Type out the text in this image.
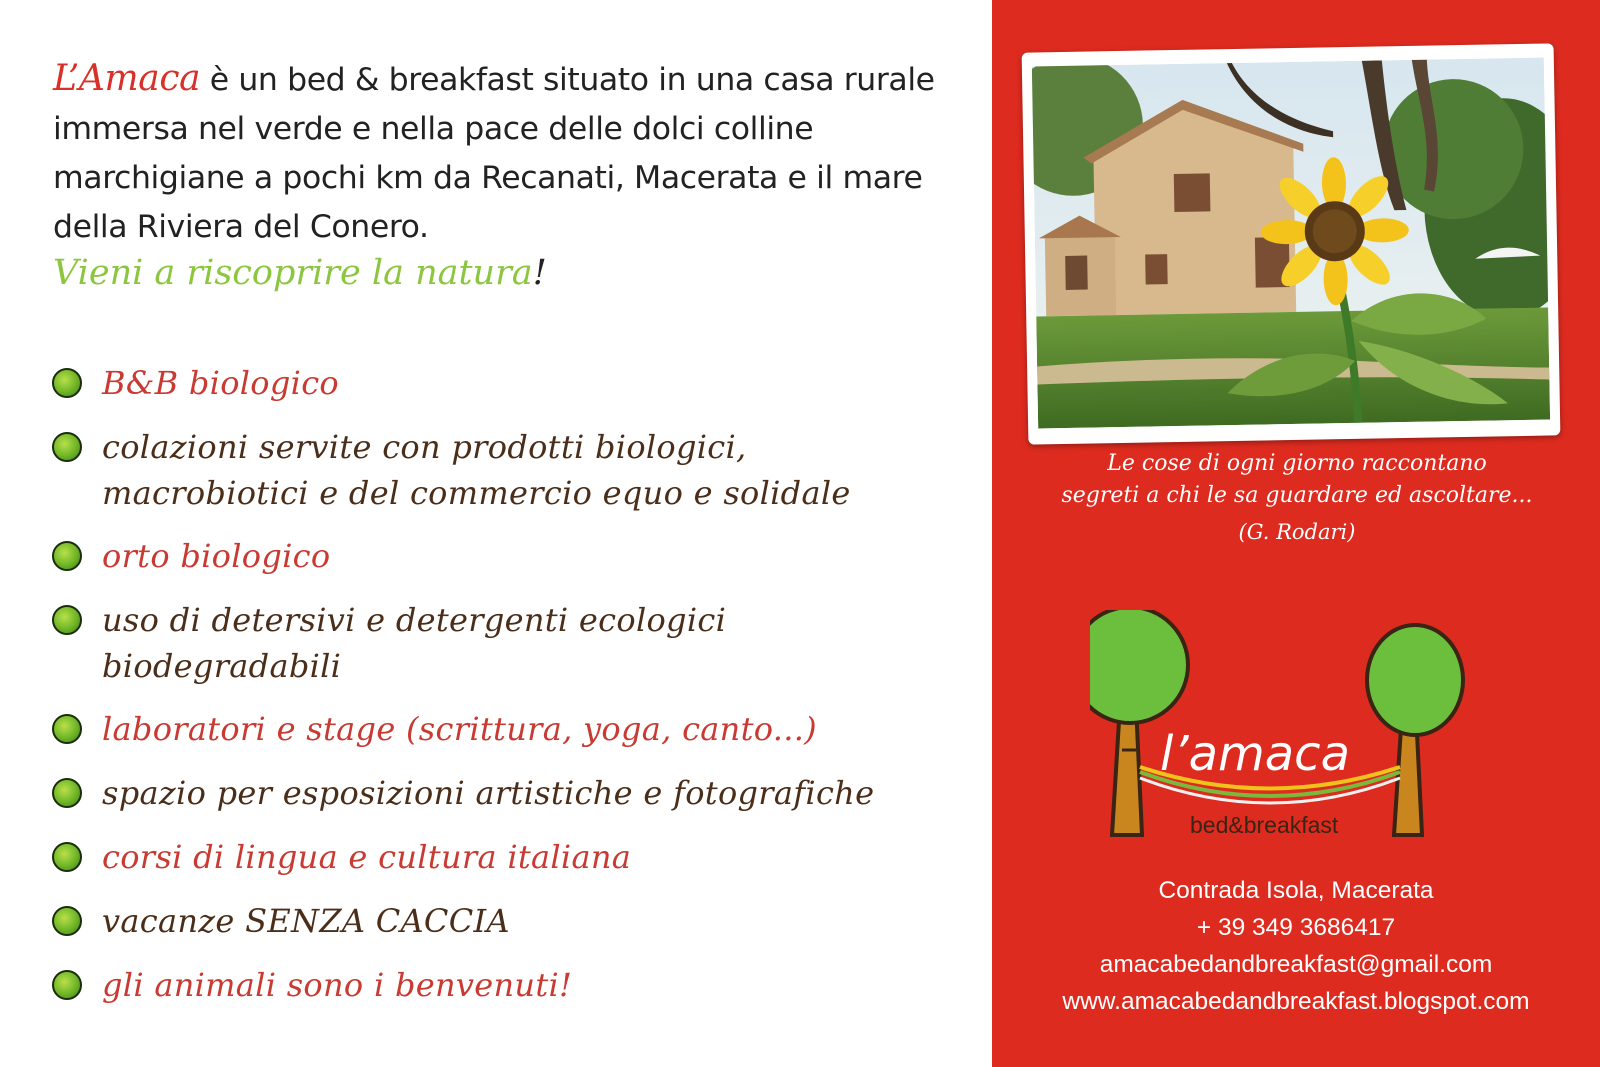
L’Amaca è un bed & breakfast situato in una casa rurale immersa nel verde e nella pace delle dolci colline marchigiane a pochi km da Recanati, Macerata e il mare della Riviera del Conero.

Vieni a riscoprire la natura!
B&B biologico
colazioni servite con prodotti biologici, macrobiotici e del commercio equo e solidale
orto biologico
uso di detersivi e detergenti ecologici biodegradabili
laboratori e stage (scrittura, yoga, canto...)
spazio per esposizioni artistiche e fotografiche
corsi di lingua e cultura italiana
vacanze SENZA CACCIA
gli animali sono i benvenuti!
Le cose di ogni giorno raccontano
segreti a chi le sa guardare ed ascoltare...
(G. Rodari)
l’amaca
bed&breakfast
Contrada Isola, Macerata
+ 39 349 3686417
amacabedandbreakfast@gmail.com
www.amacabedandbreakfast.blogspot.com
